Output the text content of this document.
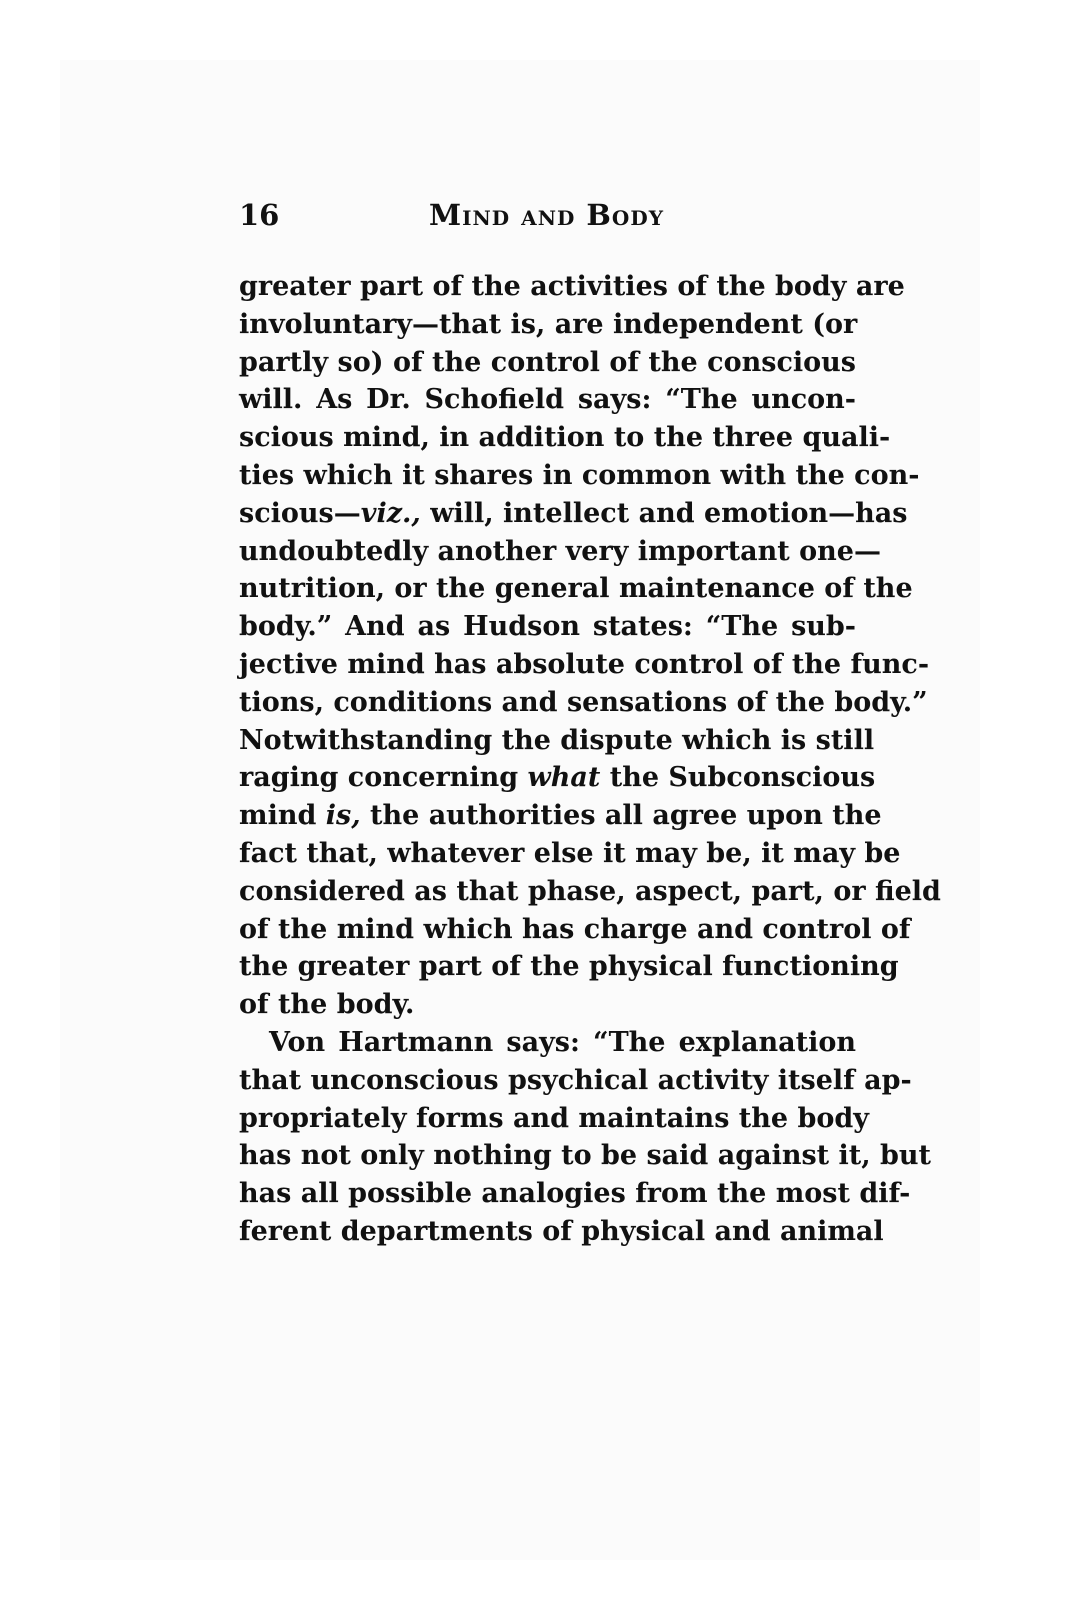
16	Mind and Body
greater part of the activities of the body are
involuntary—that is, are independent (or
partly so) of the control of the conscious
will. As Dr. Schofield says: “The uncon-
scious mind, in addition to the three quali-
ties which it shares in common with the con-
scious—viz., will, intellect and emotion—has
undoubtedly another very important one—
nutrition, or the general maintenance of the
body.” And as Hudson states: “The sub-
jective mind has absolute control of the func-
tions, conditions and sensations of the body.”
Notwithstanding the dispute which is still
raging concerning what the Subconscious
mind is, the authorities all agree upon the
fact that, whatever else it may be, it may be
considered as that phase, aspect, part, or field
of the mind which has charge and control of
the greater part of the physical functioning
of the body.
Von Hartmann says: “The explanation
that unconscious psychical activity itself ap-
propriately forms and maintains the body
has not only nothing to be said against it, but
has all possible analogies from the most dif-
ferent departments of physical and animal
